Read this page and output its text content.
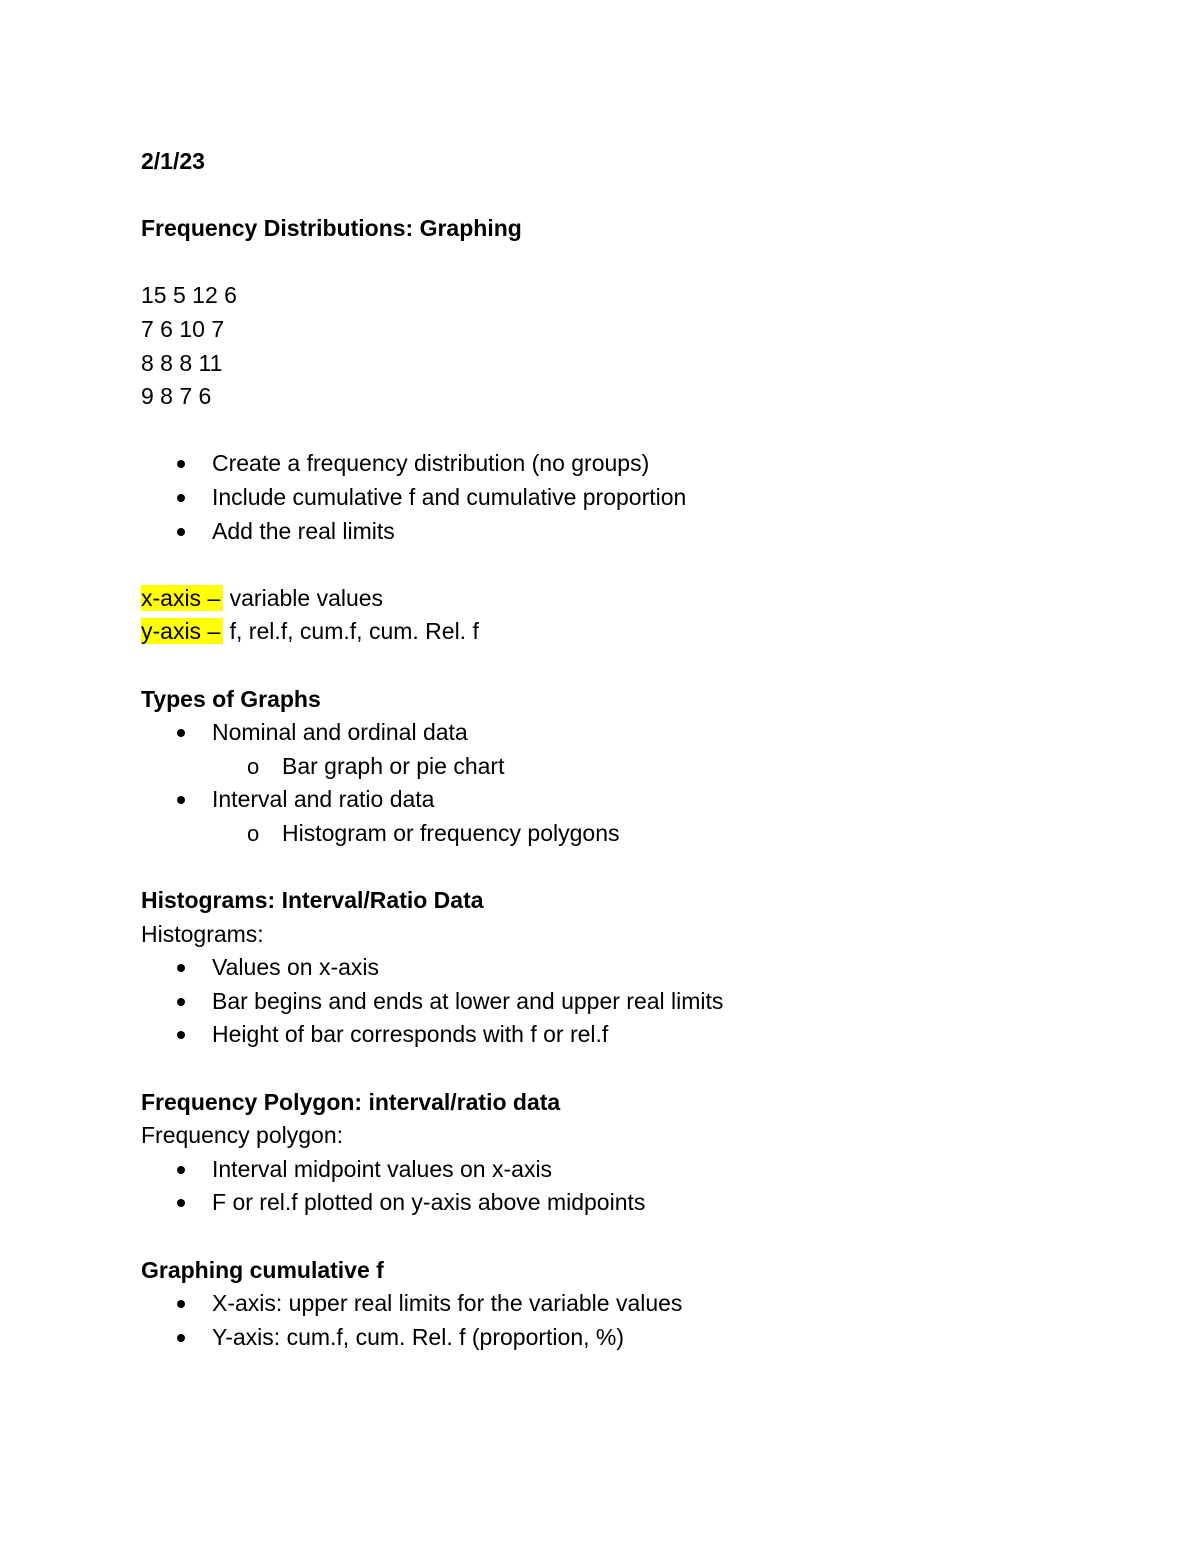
2/1/23
Frequency Distributions: Graphing
15 5 12 6
7 6 10 7
8 8 8 11
9 8 7 6
Create a frequency distribution (no groups)
Include cumulative f and cumulative proportion
Add the real limits
x-axis – variable values
y-axis – f, rel.f, cum.f, cum. Rel. f
Types of Graphs
Nominal and ordinal data
o Bar graph or pie chart
Interval and ratio data
o Histogram or frequency polygons
Histograms: Interval/Ratio Data
Histograms:
Values on x-axis
Bar begins and ends at lower and upper real limits
Height of bar corresponds with f or rel.f
Frequency Polygon: interval/ratio data
Frequency polygon:
Interval midpoint values on x-axis
F or rel.f plotted on y-axis above midpoints
Graphing cumulative f
X-axis: upper real limits for the variable values
Y-axis: cum.f, cum. Rel. f (proportion, %)
